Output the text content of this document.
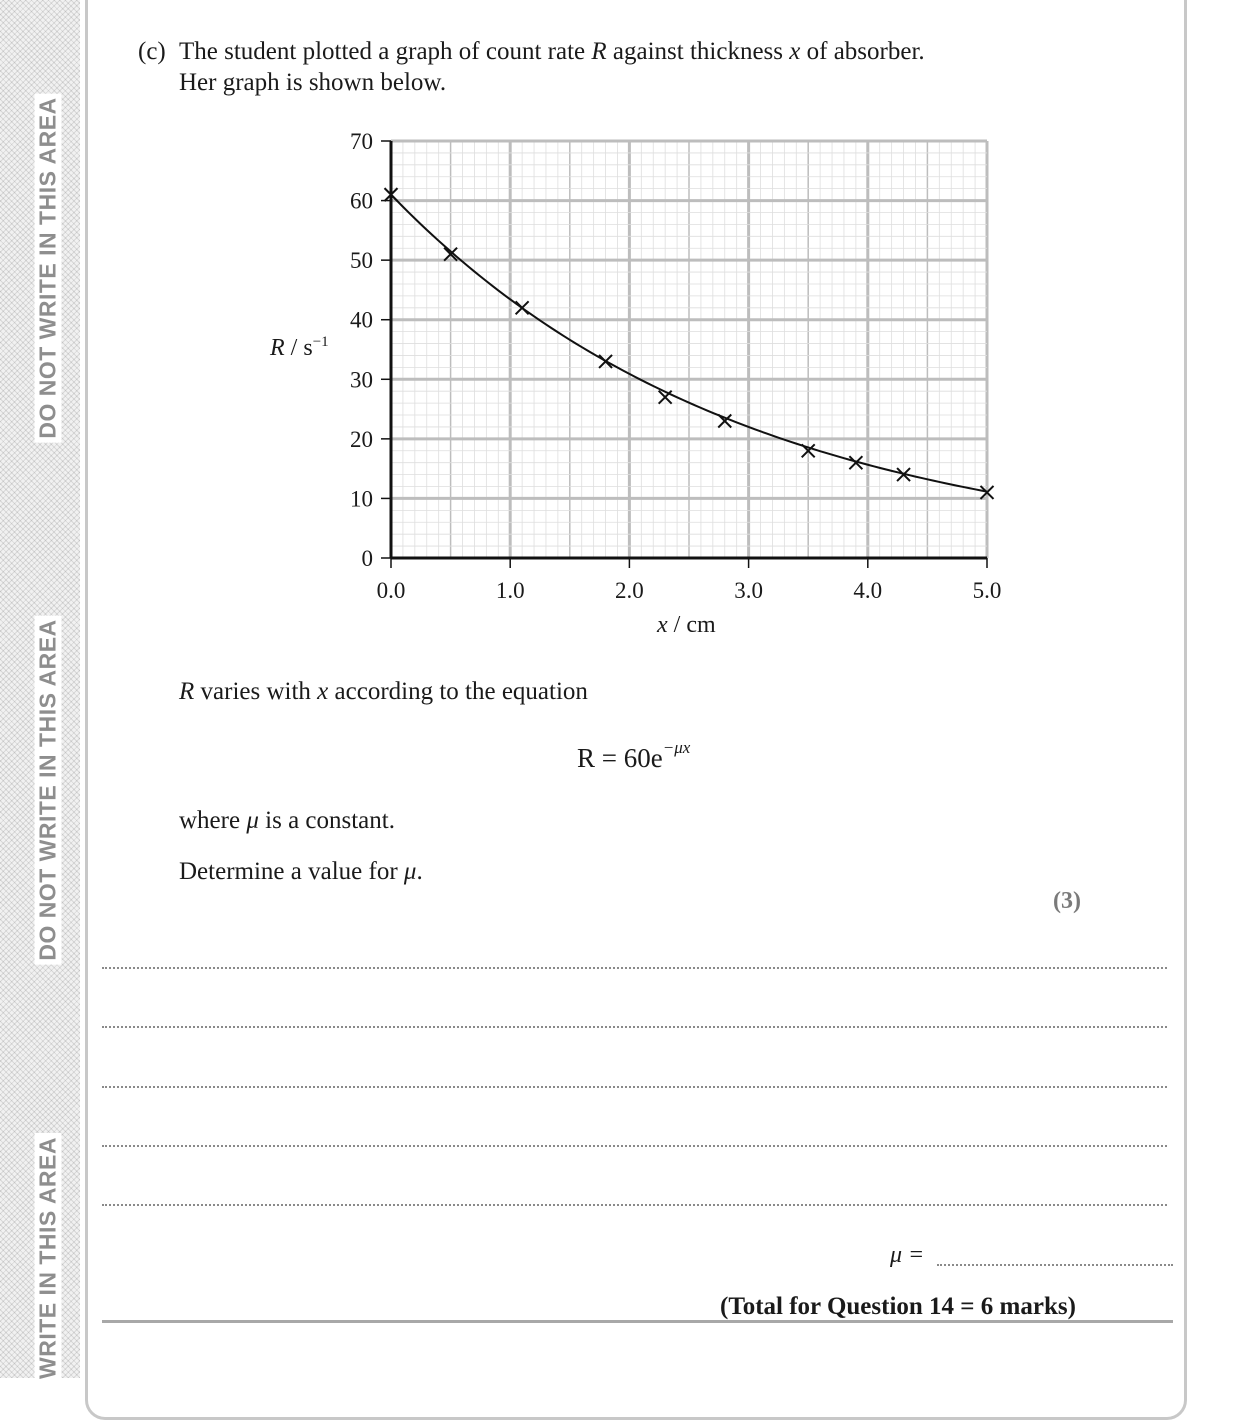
DO NOT WRITE IN THIS AREA
DO NOT WRITE IN THIS AREA
WRITE IN THIS AREA
(c) The student plotted a graph of count rate R against thickness x of absorber.
Her graph is shown below.
0
10
20
30
40
50
60
70
0.0	1.0	2.0	3.0	4.0	5.0
R / $s^{-1}$
x / cm
R varies with x according to the equation
$R = 60e^{-\mu x}$
where μ is a constant.
Determine a value for μ.
(3)
μ =
(Total for Question 14 = 6 marks)
